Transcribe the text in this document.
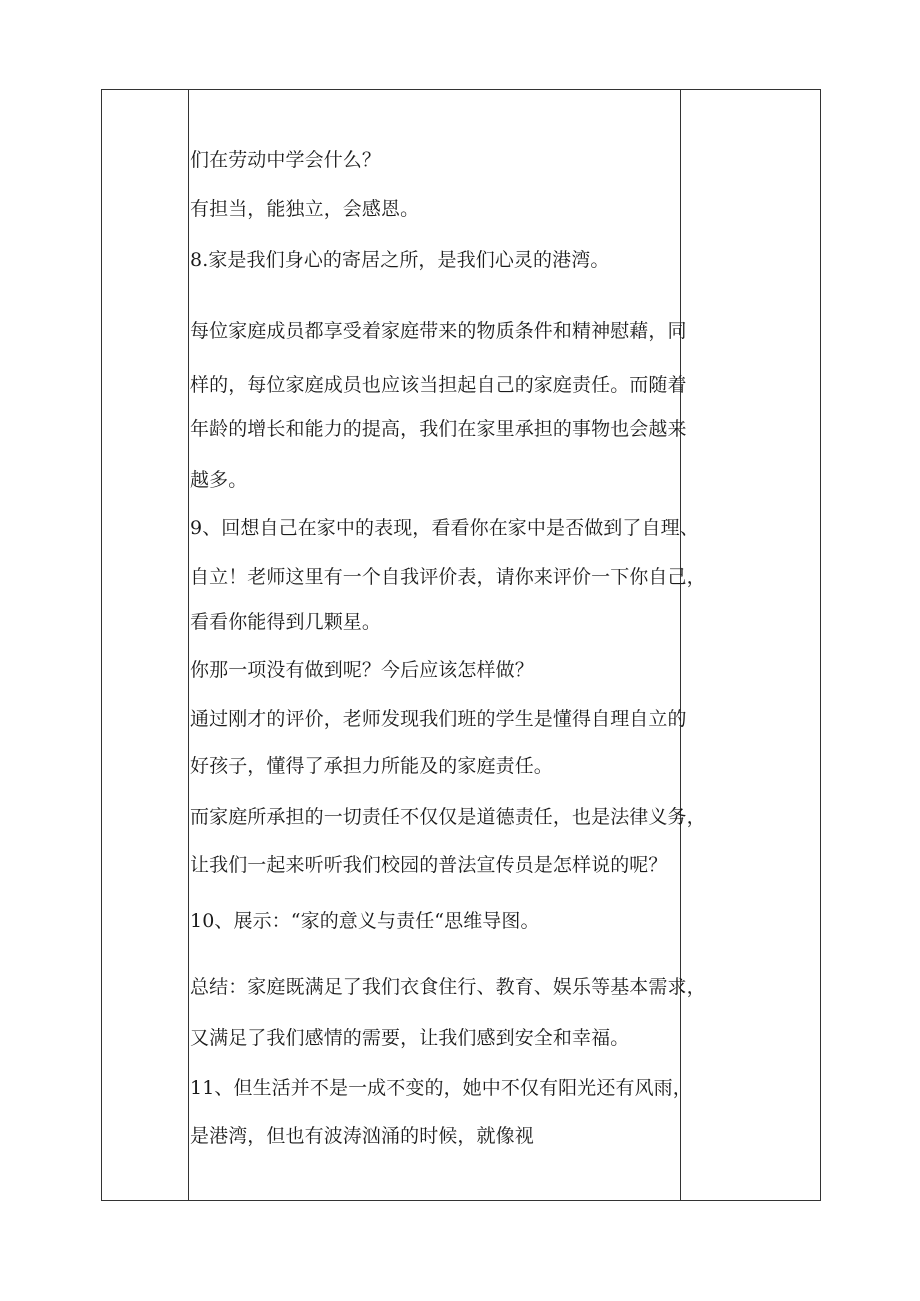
们在劳动中学会什么？
有担当，能独立，会感恩。
8.家是我们身心的寄居之所，是我们心灵的港湾。
每位家庭成员都享受着家庭带来的物质条件和精神慰藉，同
样的，每位家庭成员也应该当担起自己的家庭责任。而随着
年龄的增长和能力的提高，我们在家里承担的事物也会越来
越多。
9、回想自己在家中的表现，看看你在家中是否做到了自理、
自立！老师这里有一个自我评价表，请你来评价一下你自己，
看看你能得到几颗星。
你那一项没有做到呢？今后应该怎样做？
通过刚才的评价，老师发现我们班的学生是懂得自理自立的
好孩子，懂得了承担力所能及的家庭责任。
而家庭所承担的一切责任不仅仅是道德责任，也是法律义务，
让我们一起来听听我们校园的普法宣传员是怎样说的呢？
10、展示：“家的意义与责任“思维导图。
总结：家庭既满足了我们衣食住行、教育、娱乐等基本需求，
又满足了我们感情的需要，让我们感到安全和幸福。
11、但生活并不是一成不变的，她中不仅有阳光还有风雨，
是港湾，但也有波涛汹涌的时候，就像视
